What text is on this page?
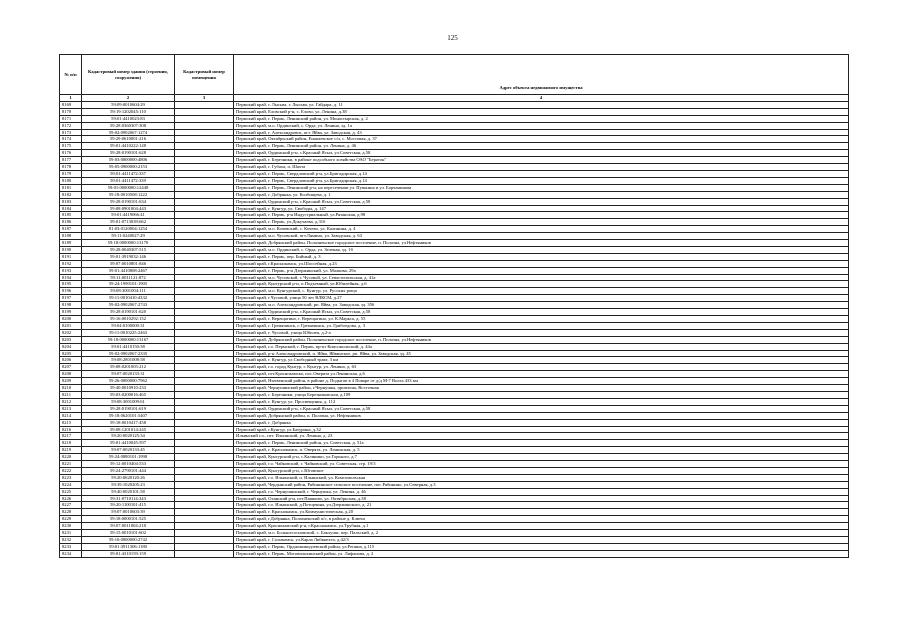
125
№ п/п	Кадастровый номер здания (строения, сооружения)	Кадастровый номер помещения	Адрес объекта недвижимого имущества
1	2	3	4
8169	59:09:0010604:29		Пермский край, г. Лысьва, г. Лысьва, ул. Гайдара, д. 11
8170	59:19:1202045:110		Пермский край, Еловский р-н, с. Елово, ул. Ленина, д.38
8171	59:01:4410023:83		Пермский край, г. Пермь, Ленинский район, ул. Монастырская, д. 2
8172	59:28:0360307:308		Пермский край, м.о. Ординский, с. Орда, ул. Ленина, зд. 1а
8173	59:02:0902067:1274		Пермский край, г. Александровск, пгт. Яйва, ул. Заводская, д. 43
8174	59:29:0610001:216		Пермский край, Октябрьский район, Енапаевское с/п, с. Мостовая, д. 37
8175	59:01:4410222:148		Пермский край, г. Пермь, Ленинский район, ул. Ленина, д. 46
8176	59:28:0190101:628		Пермский край, Ординский р-н, с.Красный Ясыл, ул.Советская, д.58
8177	59:03:0000000:4806		Пермский край, г. Березники, в районе подсобного хозяйства ОАО "Бератон"
8178	59:05:0900000:2153		Пермский край, г. Губаха, п. Шахта
8179	59:01:4411472:337		Пермский край, г. Пермь, Свердловский р-н, ул.Бригадирская, д.14
8180	59:01:4411472:339		Пермский край, г. Пермь, Свердловский р-н, ул.Бригадирская, д.14
8181	59:01:0000000:12448		Пермский край, г. Пермь, Ленинский р-н, на пересечении ул. Пушкина и ул. Борчанинова
8182	59:18:0010508:1222		Пермский край, г. Добрянка, ул. Колбищева, д. 1
8183	59:28:0190101:634		Пермский край, Ординский р-н, с.Красный Ясыл, ул.Советская, д.58
8184	59:08:0901004:443		Пермский край, г. Кунгур, ул. Свободы, д. 147
8185	59:01:4419066:41		Пермский край, г. Пермь, р-н Индустриальный, ул.Рязанская, д.98
8186	59:01:0713039:662		Пермский край, г. Пермь, ул.Докучаева, д.31б
8187	81:03:0120004:1254		Пермский край, м.о. Кочевский, с. Кочево, ул. Калинина, д. 4
8188	59:11:0240027:29		Пермский край, м.о. Чусовской, пгт.Лямино, ул. Заводская, д. 63
8189	59:18:0000000:13170		Пермский край, Добрянский район, Полазненское городское поселение, п. Полазна, ул.Нефтяников
8190	59:28:0040307:515		Пермский край, м.о. Ординский, с. Орда, ул. Зеленая, зд. 1б
8191	59:01:3919032:146		Пермский край, г. Пермь, пер. Бийный, д. 3
8192	59:07:0010801:846		Пермский край, г.Краснокамск, ул.Шоссейная, д.23
8193	59:01:4410808:2467		Пермский край, г. Пермь, р-н Дзержинский, ул. Малкова, 29а
8194	59:11:0011121:872		Пермский край, м.о. Чусовской, г. Чусовой, ул. Севастопольская, д. 41а
8195	59:24:1990101:1905		Пермский край, Кунгурский р-н, п.Подъемный, ул.Юбилейная, д.6
8196	59:08:3001004:111		Пермский край, м.о. Кунгурский, с. Кунгур, ул. Русских роща
8197	59:11:0010410:4332		Пермский край, г.Чусовой, улица 50 лет ВЛКСМ, д.27
8198	59:02:0902067:2743		Пермский край, м.о. Александровский, рп. Яйва, ул. Заводская, зд. 356
8199	59:28:0190101:620		Пермский край, Ординский р-н, с.Красный Ясыл, ул.Советская, д.58
8200	59:16:0010292:152		Пермский край, г. Верещагино, г. Верещагино, ул. К.Маркса, д. 55
8201	59:04:0100000:31		Пермский край, г. Гремячинск, г. Гремячинск, ул. Грибоедова, д. 3
8202	59:11:0010225:2463		Пермский край, г. Чусовой, улица Юбилея, д.2-а
8203	59:18:0000000:13167		Пермский край, Добрянский район, Полазненское городское поселение, п. Полазна, ул.Нефтяников
8204	59:01:4410150:58		Пермский край, г.о. Пермский, г. Пермь, пр-кт Комсомольский, д. 44а
8205	59:02:0902067:2335		Пермский край, р-н Александровский, п. Яйва, Яйвинское, рп. Яйва, ул. Заводская, зд. 45
8206	59:08:2801008:58		Пермский край, г. Кунгур, ул.Свободный тракт, 3 км
8207	59:08:0201005:212		Пермский край, г.о. город Кунгур, г. Кунгур, ул. Ленина, д. 63
8208	59:07:0020133:31		Пермский край, пгт.Краснокамска, пос.Оверята ул.Ленинская, д.6
8209	59:26:0000000:7962		Пермский край, Нытвенский район, в районе д. Подыгап в 4 Поваре от д/д М-7 Волга 433 км
8210	59:40:0010910:233		Пермский край, Чернушинский район, г.Чернушка, промзона, Восточная
8211	59:03:0200016:465		Пермский край, г. Березники, улица Березниковская, д.109
8212	59:08:3001009:61		Пермский край, г. Кунгур, ул. Просвещения, д. 112
8213	59:28:0190101:619		Пермский край, Ординский р-н, с.Красный Ясыл, ул.Советская, д.58
8214	59:18:0620101:5407		Пермский край, Добрянский район, п. Полазна, ул. Нефтяников
8215	59:18:0010417:458		Пермский край, г. Добрянка
8216	59:08:1201014:245		Пермский край, г.Кунгур, ул.Батурина, д.32
8217	59:20:0020125:34		Ильинский г.о., пгт. Ильинский, ул. Ленина, д. 23
8218	59:01:4410045:597		Пермский край, г. Пермь, Ленинский район, ул. Советская, д. 51а
8219	59:07:0020133:45		Пермский край, г. Краснокамск, п. Оверята, ул. Ленинская, д. 5
8220	59:24:0880101:1998		Пермский край, Кунгурский р-н, с.Калинино, ул.Горького, д.7
8221	59:12:0010404:533		Пермский край, г.о. Чайковский, г. Чайковский, ул. Советская, стр. 19/3
8222	59:24:2790101:444		Пермский край, Кунгурский р-н, с.Юговское
8223	59:20:0620120:26		Пермский край, г.о. Ильинский, п. Ильинский, ул. Комсомольская
8224	59:39:1020205:23		Пермский край, Чердынский район, Рябининское сельское поселение, пос.Рябинино, ул.Северная, д.3
8225	59:40:0020101:58		Пермский край, г.о. Чернушинский, г. Чернушка, ул. Ленина, д. 46
8226	59:31:0710114:343		Пермский край, Оханский р-н, пгт.Пашково, ул. Октябрьская, д.38
8227	59:20:1100101:415		Пермский край, г.о. Ильинский, д.Поторчина, ул.Дзержинского, д. 21
8228	59:07:0010603:39		Пермский край, г. Краснокамск, ул.Коммунистическая, д.20
8229	59:18:0000101:525		Пермский край, г.Добрянка, Полазненский п/с, в районе д. Ключи
8230	59:07:0011004:218		Пермский край, Краснокамский р-н, г.Краснокамск, ул.Трубная, д.1
8231	59:15:0010101:602		Пермский край, м.о. Большесосновский, с. Баклуши, пер. Пальский, д. 2
8232	59:10:0000000:2742		Пермский край, г. Соликамск, ул.Карла Либкнехта, д.42/3
8233	59:01:3911306:1180		Пермский край, г. Пермь, Орджоникидзевский район, ул.Репина, д.115
8234	59:01:4310159:159		Пермский край, г. Пермь, Мотовилихинский район, ул. Лифанова, д. 2
